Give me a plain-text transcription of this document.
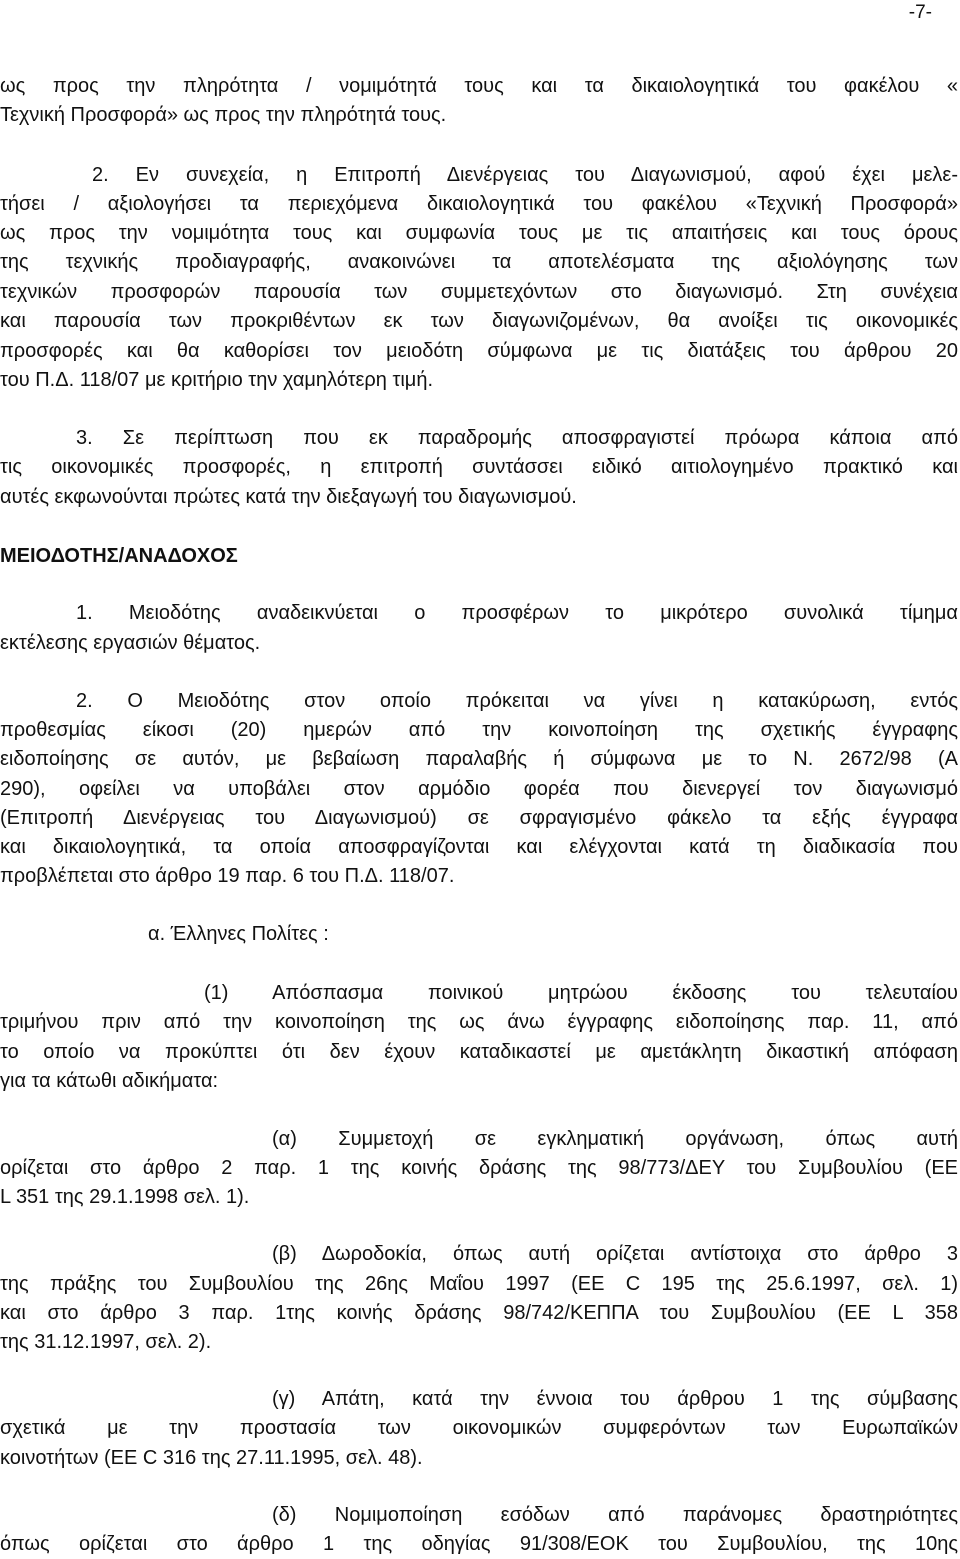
-7-
ως προς την πληρότητα / νομιμότητά τους και τα δικαιολογητικά του φακέλου «
Τεχνική Προσφορά» ως προς την πληρότητά τους.
2. Εν συνεχεία, η Επιτροπή Διενέργειας του Διαγωνισμού, αφού έχει μελε-
τήσει / αξιολογήσει τα περιεχόμενα δικαιολογητικά του φακέλου «Τεχνική Προσφορά»
ως προς την νομιμότητα τους και συμφωνία τους με τις απαιτήσεις και τους όρους
της τεχνικής προδιαγραφής, ανακοινώνει τα αποτελέσματα της αξιολόγησης των
τεχνικών προσφορών παρουσία των συμμετεχόντων στο διαγωνισμό. Στη συνέχεια
και παρουσία των προκριθέντων εκ των διαγωνιζομένων, θα ανοίξει τις οικονομικές
προσφορές και θα καθορίσει τον μειοδότη σύμφωνα με τις διατάξεις του άρθρου 20
του Π.Δ. 118/07 με κριτήριο την χαμηλότερη τιμή.
3. Σε περίπτωση που εκ παραδρομής αποσφραγιστεί πρόωρα κάποια από
τις οικονομικές προσφορές, η επιτροπή συντάσσει ειδικό αιτιολογημένο πρακτικό και
αυτές εκφωνούνται πρώτες κατά την διεξαγωγή του διαγωνισμού.
ΜΕΙΟΔΟΤΗΣ/ΑΝΑΔΟΧΟΣ
1. Μειοδότης αναδεικνύεται ο προσφέρων το μικρότερο συνολικά τίμημα
εκτέλεσης εργασιών θέματος.
2. Ο Μειοδότης στον οποίο πρόκειται να γίνει η κατακύρωση, εντός
προθεσμίας είκοσι (20) ημερών από την κοινοποίηση της σχετικής έγγραφης
ειδοποίησης σε αυτόν, με βεβαίωση παραλαβής ή σύμφωνα με το Ν. 2672/98 (Α
290), οφείλει να υποβάλει στον αρμόδιο φορέα που διενεργεί τον διαγωνισμό
(Επιτροπή Διενέργειας του Διαγωνισμού) σε σφραγισμένο φάκελο τα εξής έγγραφα
και δικαιολογητικά, τα οποία αποσφραγίζονται και ελέγχονται κατά τη διαδικασία που
προβλέπεται στο άρθρο 19 παρ. 6 του Π.Δ. 118/07.
α. Έλληνες Πολίτες :
(1) Απόσπασμα ποινικού μητρώου έκδοσης του τελευταίου
τριμήνου πριν από την κοινοποίηση της ως άνω έγγραφης ειδοποίησης παρ. 11, από
το οποίο να προκύπτει ότι δεν έχουν καταδικαστεί με αμετάκλητη δικαστική απόφαση
για τα κάτωθι αδικήματα:
(α) Συμμετοχή σε εγκληματική οργάνωση, όπως αυτή
ορίζεται στο άρθρο 2 παρ. 1 της κοινής δράσης της 98/773/ΔΕΥ του Συμβουλίου (ΕΕ
L 351 της 29.1.1998 σελ. 1).
(β) Δωροδοκία, όπως αυτή ορίζεται αντίστοιχα στο άρθρο 3
της πράξης του Συμβουλίου της 26ης Μαΐου 1997 (ΕΕ C 195 της 25.6.1997, σελ. 1)
και στο άρθρο 3 παρ. 1της κοινής δράσης 98/742/ΚΕΠΠΑ του Συμβουλίου (ΕΕ L 358
της 31.12.1997, σελ. 2).
(γ) Απάτη, κατά την έννοια του άρθρου 1 της σύμβασης
σχετικά με την προστασία των οικονομικών συμφερόντων των Ευρωπαϊκών
κοινοτήτων (ΕΕ C 316 της 27.11.1995, σελ. 48).
(δ) Νομιμοποίηση εσόδων από παράνομες δραστηριότητες
όπως ορίζεται στο άρθρο 1 της οδηγίας 91/308/ΕΟΚ του Συμβουλίου, της 10ης
